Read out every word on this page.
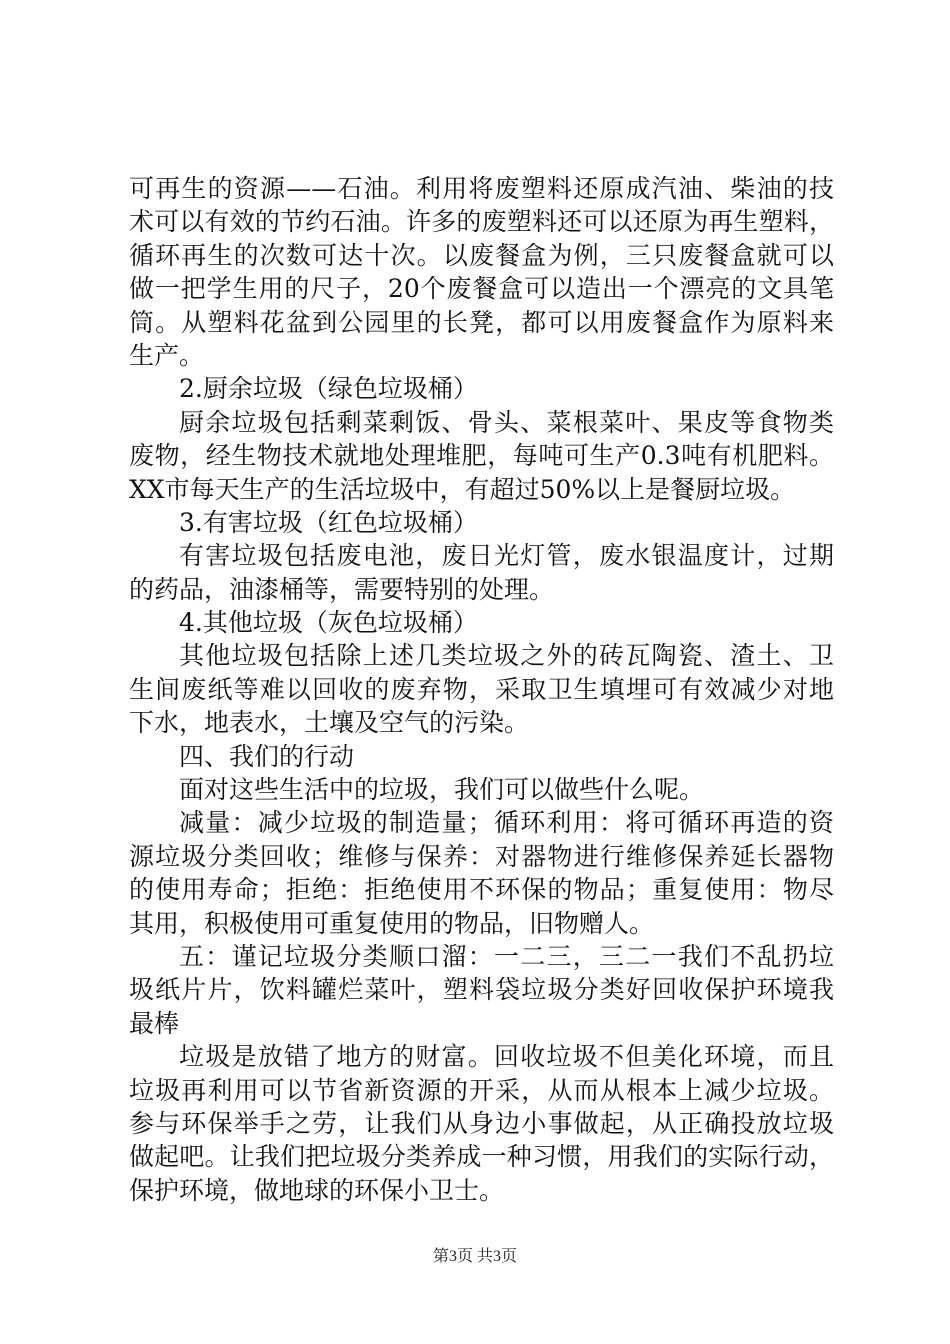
可再生的资源——石油。利用将废塑料还原成汽油、柴油的技
术可以有效的节约石油。许多的废塑料还可以还原为再生塑料，
循环再生的次数可达十次。以废餐盒为例，三只废餐盒就可以
做一把学生用的尺子，20个废餐盒可以造出一个漂亮的文具笔
筒。从塑料花盆到公园里的长凳，都可以用废餐盒作为原料来
生产。
2.厨余垃圾（绿色垃圾桶）
厨余垃圾包括剩菜剩饭、骨头、菜根菜叶、果皮等食物类
废物，经生物技术就地处理堆肥，每吨可生产0.3吨有机肥料。
XX市每天生产的生活垃圾中，有超过50%以上是餐厨垃圾。
3.有害垃圾（红色垃圾桶）
有害垃圾包括废电池，废日光灯管，废水银温度计，过期
的药品，油漆桶等，需要特别的处理。
4.其他垃圾（灰色垃圾桶）
其他垃圾包括除上述几类垃圾之外的砖瓦陶瓷、渣土、卫
生间废纸等难以回收的废弃物，采取卫生填埋可有效减少对地
下水，地表水，土壤及空气的污染。
四、我们的行动
面对这些生活中的垃圾，我们可以做些什么呢。
减量：减少垃圾的制造量；循环利用：将可循环再造的资
源垃圾分类回收；维修与保养：对器物进行维修保养延长器物
的使用寿命；拒绝：拒绝使用不环保的物品；重复使用：物尽
其用，积极使用可重复使用的物品，旧物赠人。
五：谨记垃圾分类顺口溜：一二三，三二一我们不乱扔垃
圾纸片片，饮料罐烂菜叶，塑料袋垃圾分类好回收保护环境我
最棒
垃圾是放错了地方的财富。回收垃圾不但美化环境，而且
垃圾再利用可以节省新资源的开采，从而从根本上减少垃圾。
参与环保举手之劳，让我们从身边小事做起，从正确投放垃圾
做起吧。让我们把垃圾分类养成一种习惯，用我们的实际行动，
保护环境，做地球的环保小卫士。
第3页 共3页
